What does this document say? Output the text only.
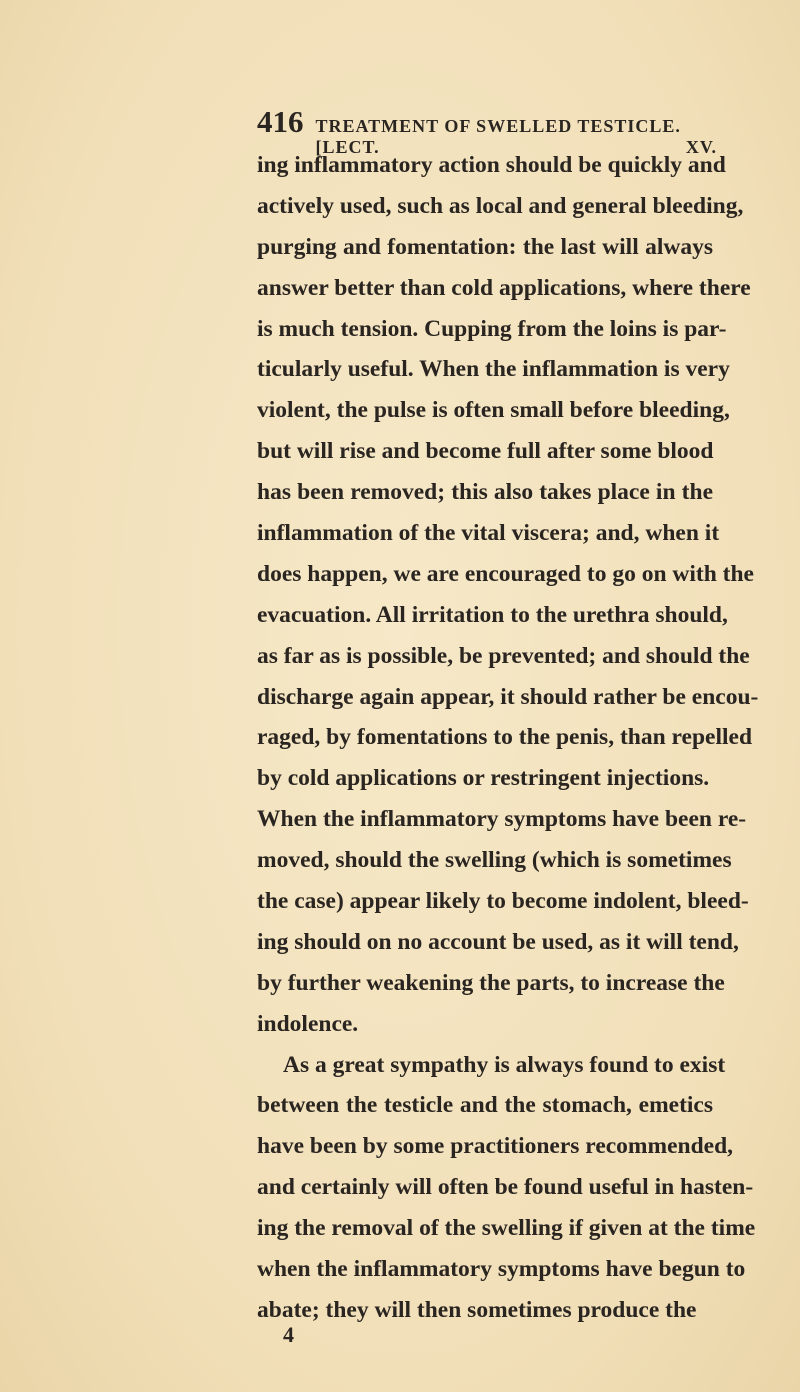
416 TREATMENT OF SWELLED TESTICLE. [LECT. XV.
ing inflammatory action should be quickly and
actively used, such as local and general bleeding,
purging and fomentation: the last will always
answer better than cold applications, where there
is much tension. Cupping from the loins is par-
ticularly useful. When the inflammation is very
violent, the pulse is often small before bleeding,
but will rise and become full after some blood
has been removed; this also takes place in the
inflammation of the vital viscera; and, when it
does happen, we are encouraged to go on with the
evacuation. All irritation to the urethra should,
as far as is possible, be prevented; and should the
discharge again appear, it should rather be encou-
raged, by fomentations to the penis, than repelled
by cold applications or restringent injections.
When the inflammatory symptoms have been re-
moved, should the swelling (which is sometimes
the case) appear likely to become indolent, bleed-
ing should on no account be used, as it will tend,
by further weakening the parts, to increase the
indolence.
As a great sympathy is always found to exist
between the testicle and the stomach, emetics
have been by some practitioners recommended,
and certainly will often be found useful in hasten-
ing the removal of the swelling if given at the time
when the inflammatory symptoms have begun to
abate; they will then sometimes produce the
4
